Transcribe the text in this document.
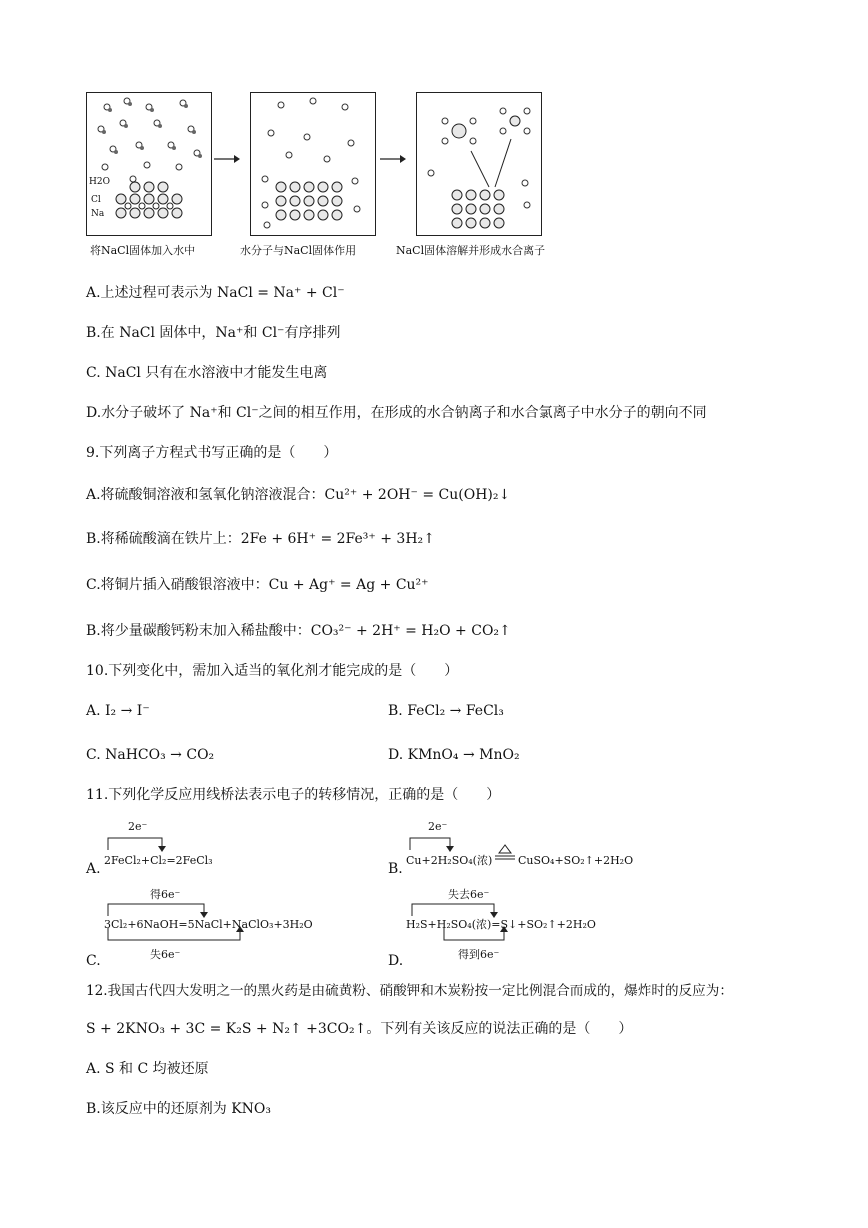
H2O
Cl
Na
将NaCl固体加入水中	水分子与NaCl固体作用	NaCl固体溶解并形成水合离子
A.上述过程可表示为 NaCl = Na⁺ + Cl⁻
B.在 NaCl 固体中，Na⁺和 Cl⁻有序排列
C. NaCl 只有在水溶液中才能发生电离
D.水分子破坏了 Na⁺和 Cl⁻之间的相互作用，在形成的水合钠离子和水合氯离子中水分子的朝向不同
9.下列离子方程式书写正确的是（　　）
A.将硫酸铜溶液和氢氧化钠溶液混合：Cu²⁺ + 2OH⁻ = Cu(OH)₂↓
B.将稀硫酸滴在铁片上：2Fe + 6H⁺ = 2Fe³⁺ + 3H₂↑
C.将铜片插入硝酸银溶液中：Cu + Ag⁺ = Ag + Cu²⁺
B.将少量碳酸钙粉末加入稀盐酸中：CO₃²⁻ + 2H⁺ = H₂O + CO₂↑
10.下列变化中，需加入适当的氧化剂才能完成的是（　　）
A. I₂ → I⁻	B. FeCl₂ → FeCl₃
C. NaHCO₃ → CO₂	D. KMnO₄ → MnO₂
11.下列化学反应用线桥法表示电子的转移情况，正确的是（　　）
2e⁻
2FeCl₂+Cl₂=2FeCl₃
A.
2e⁻
Cu+2H₂SO₄(浓) CuSO₄+SO₂↑+2H₂O
B.
得6e⁻
3Cl₂+6NaOH=5NaCl+NaClO₃+3H₂O
失6e⁻
C.
失去6e⁻
H₂S+H₂SO₄(浓)=S↓+SO₂↑+2H₂O
得到6e⁻
D.
12.我国古代四大发明之一的黑火药是由硫黄粉、硝酸钾和木炭粉按一定比例混合而成的，爆炸时的反应为：
S + 2KNO₃ + 3C = K₂S + N₂↑ +3CO₂↑。下列有关该反应的说法正确的是（　　）
A. S 和 C 均被还原
B.该反应中的还原剂为 KNO₃
